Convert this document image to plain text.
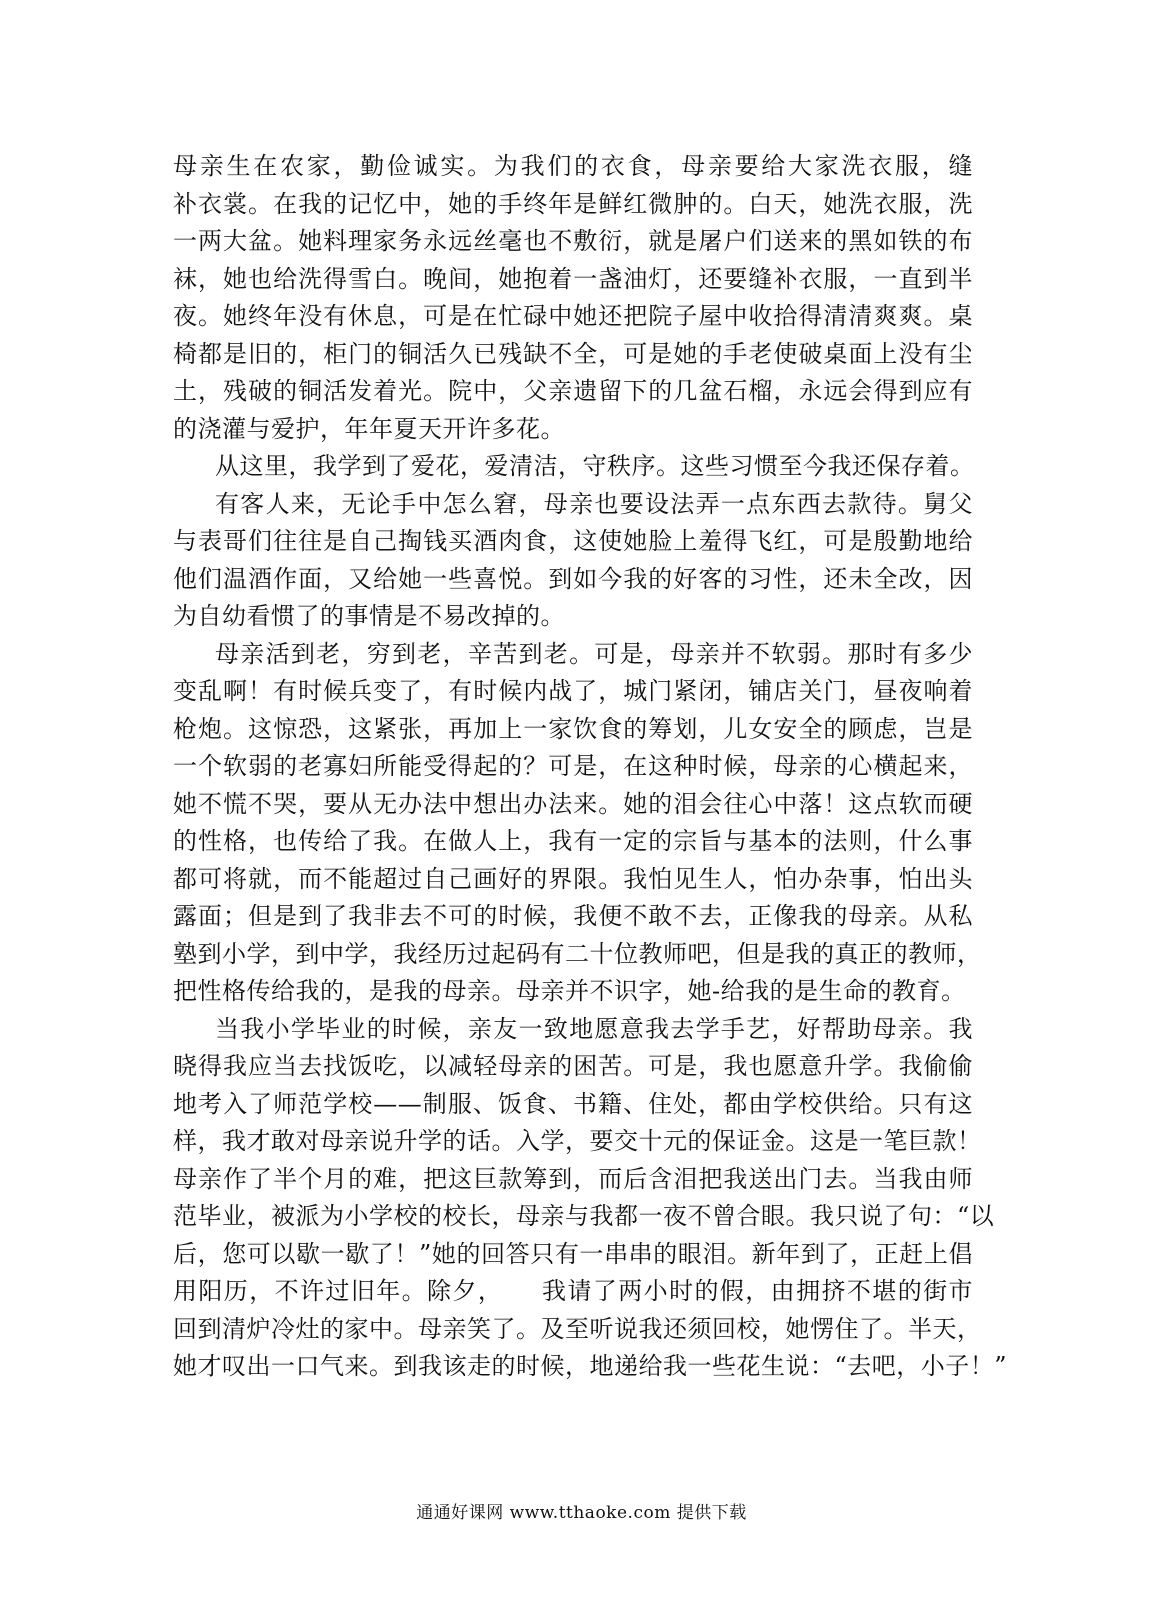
母亲生在农家，勤俭诚实。为我们的衣食，母亲要给大家洗衣服，缝
补衣裳。在我的记忆中，她的手终年是鲜红微肿的。白天，她洗衣服，洗
一两大盆。她料理家务永远丝毫也不敷衍，就是屠户们送来的黑如铁的布
袜，她也给洗得雪白。晚间，她抱着一盏油灯，还要缝补衣服，一直到半
夜。她终年没有休息，可是在忙碌中她还把院子屋中收拾得清清爽爽。桌
椅都是旧的，柜门的铜活久已残缺不全，可是她的手老使破桌面上没有尘
土，残破的铜活发着光。院中，父亲遗留下的几盆石榴，永远会得到应有
的浇灌与爱护，年年夏天开许多花。
从这里，我学到了爱花，爱清洁，守秩序。这些习惯至今我还保存着。
有客人来，无论手中怎么窘，母亲也要设法弄一点东西去款待。舅父
与表哥们往往是自己掏钱买酒肉食，这使她脸上羞得飞红，可是殷勤地给
他们温酒作面，又给她一些喜悦。到如今我的好客的习性，还未全改，因
为自幼看惯了的事情是不易改掉的。
母亲活到老，穷到老，辛苦到老。可是，母亲并不软弱。那时有多少
变乱啊！有时候兵变了，有时候内战了，城门紧闭，铺店关门，昼夜响着
枪炮。这惊恐，这紧张，再加上一家饮食的筹划，儿女安全的顾虑，岂是
一个软弱的老寡妇所能受得起的？可是，在这种时候，母亲的心横起来，
她不慌不哭，要从无办法中想出办法来。她的泪会往心中落！这点软而硬
的性格，也传给了我。在做人上，我有一定的宗旨与基本的法则，什么事
都可将就，而不能超过自己画好的界限。我怕见生人，怕办杂事，怕出头
露面；但是到了我非去不可的时候，我便不敢不去，正像我的母亲。从私
塾到小学，到中学，我经历过起码有二十位教师吧，但是我的真正的教师，
把性格传给我的，是我的母亲。母亲并不识字，她-给我的是生命的教育。
当我小学毕业的时候，亲友一致地愿意我去学手艺，好帮助母亲。我
晓得我应当去找饭吃，以减轻母亲的困苦。可是，我也愿意升学。我偷偷
地考入了师范学校——制服、饭食、书籍、住处，都由学校供给。只有这
样，我才敢对母亲说升学的话。入学，要交十元的保证金。这是一笔巨款！
母亲作了半个月的难，把这巨款筹到，而后含泪把我送出门去。当我由师
范毕业，被派为小学校的校长，母亲与我都一夜不曾合眼。我只说了句：“以
后，您可以歇一歇了！”她的回答只有一串串的眼泪。新年到了，正赶上倡
用阳历，不许过旧年。除夕，　　我请了两小时的假，由拥挤不堪的街市
回到清炉冷灶的家中。母亲笑了。及至听说我还须回校，她愣住了。半天，
她才叹出一口气来。到我该走的时候，地递给我一些花生说：“去吧，小子！”
通通好课网 www.tthaoke.com 提供下载
